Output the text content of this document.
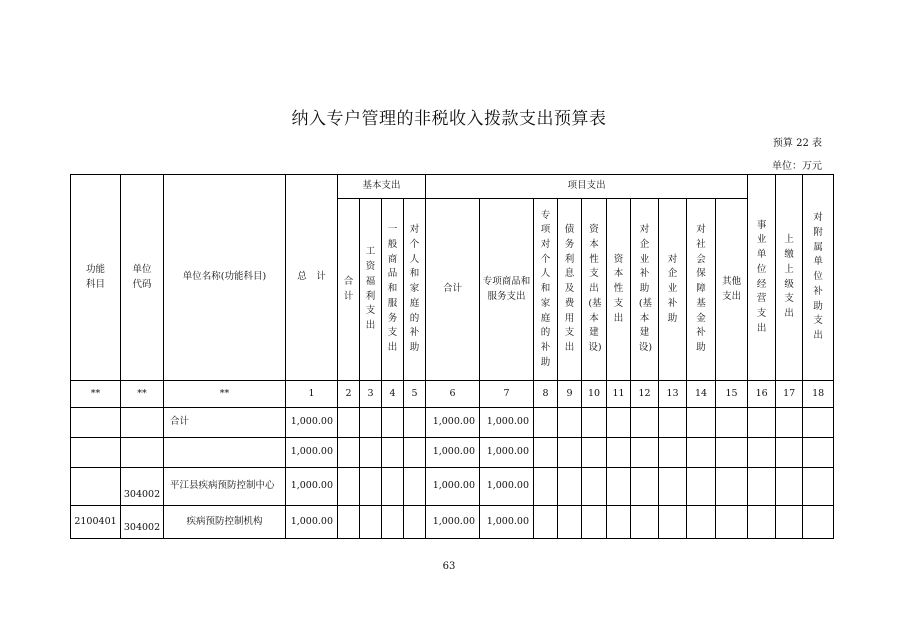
纳入专户管理的非税收入拨款支出预算表
预算 22 表
单位：万元
功能科目	单位代码	单位名称(功能科目)	总　计	基本支出				项目支出										事业单位经营支出	上缴上级支出	对附属单位补助支出
				合计	工资福利支出	一般商品和服务支出	对个人和家庭的补助	合计	专项商品和服务支出	专项对个人和家庭的补助	债务利息及费用支出	资本性支出(基本建设)	资本性支出	对企业补助(基本建设)	对企业补助	对社会保障基金补助	其他支出			
**	**	**	1	2	3	4	5	6	7	8	9	10	11	12	13	14	15	16	17	18
		合计	1,000.00					1,000.00	1,000.00											
			1,000.00					1,000.00	1,000.00											
	304002	平江县疾病预防控制中心	1,000.00					1,000.00	1,000.00											
2100401	304002	疾病预防控制机构	1,000.00					1,000.00	1,000.00											
63
